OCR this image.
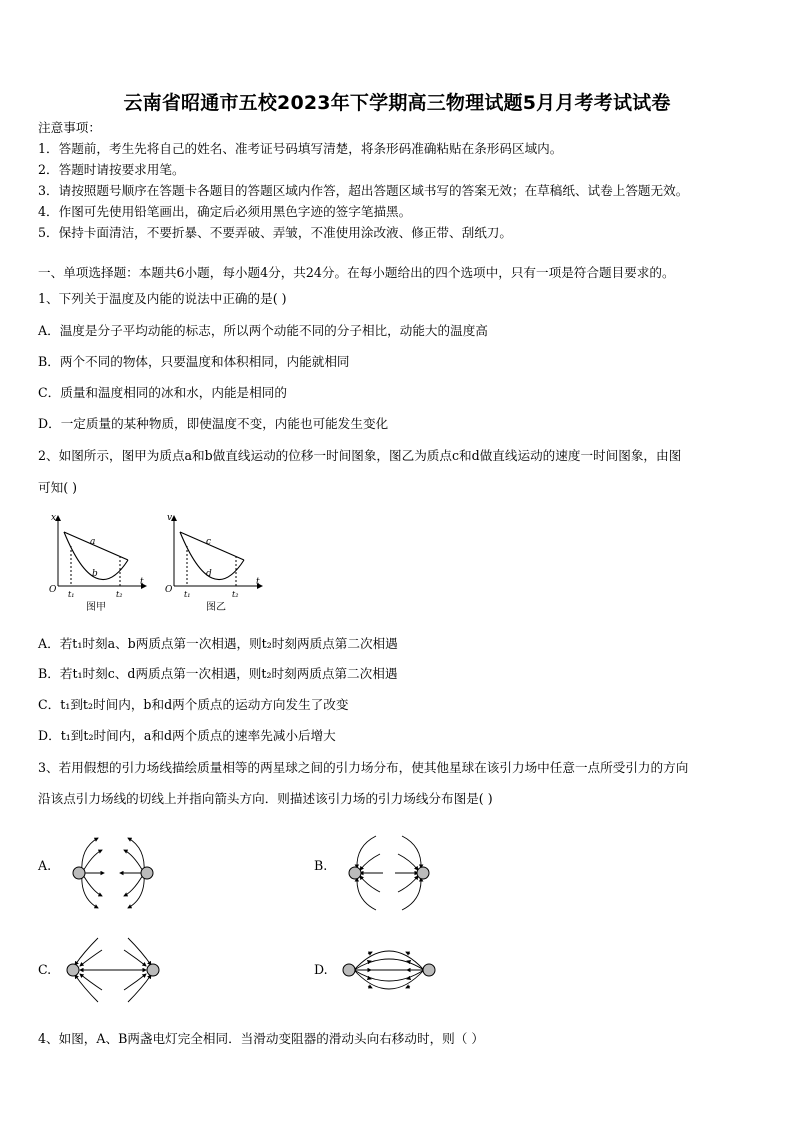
云南省昭通市五校2023年下学期高三物理试题5月月考考试试卷
注意事项：
1．答题前，考生先将自己的姓名、准考证号码填写清楚，将条形码准确粘贴在条形码区域内。
2．答题时请按要求用笔。
3．请按照题号顺序在答题卡各题目的答题区域内作答，超出答题区域书写的答案无效；在草稿纸、试卷上答题无效。
4．作图可先使用铅笔画出，确定后必须用黑色字迹的签字笔描黑。
5．保持卡面清洁，不要折暴、不要弄破、弄皱，不准使用涂改液、修正带、刮纸刀。
一、单项选择题：本题共6小题，每小题4分，共24分。在每小题给出的四个选项中，只有一项是符合题目要求的。
1、下列关于温度及内能的说法中正确的是( )
A．温度是分子平均动能的标志，所以两个动能不同的分子相比，动能大的温度高
B．两个不同的物体，只要温度和体积相同，内能就相同
C．质量和温度相同的冰和水，内能是相同的
D．一定质量的某种物质，即使温度不变，内能也可能发生变化
2、如图所示，图甲为质点a和b做直线运动的位移一时间图象，图乙为质点c和d做直线运动的速度一时间图象，由图
可知( )
x
O
t
t₁	t₂
a
b
图甲
v
O
t
t₁	t₂
c
d
图乙
A．若t₁时刻a、b两质点第一次相遇，则t₂时刻两质点第二次相遇
B．若t₁时刻c、d两质点第一次相遇，则t₂时刻两质点第二次相遇
C．t₁到t₂时间内，b和d两个质点的运动方向发生了改变
D．t₁到t₂时间内，a和d两个质点的速率先减小后增大
3、若用假想的引力场线描绘质量相等的两星球之间的引力场分布，使其他星球在该引力场中任意一点所受引力的方向
沿该点引力场线的切线上并指向箭头方向．则描述该引力场的引力场线分布图是( )
A.	B.
C.	D.
4、如图，A、B两盏电灯完全相同．当滑动变阻器的滑动头向右移动时，则（ ）
